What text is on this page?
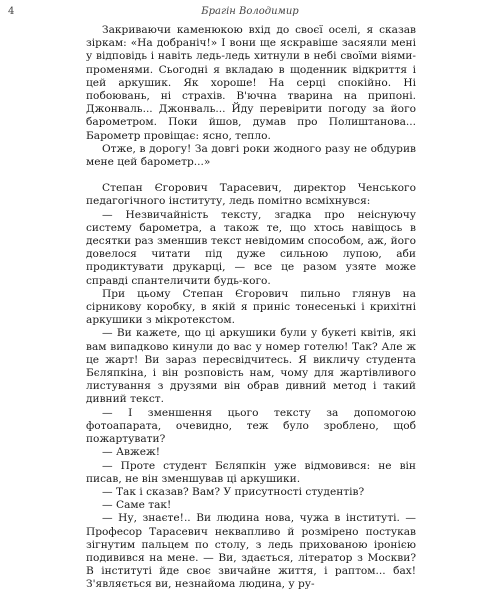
4	Брагін Володимир

Закриваючи каменюкою вхід до своєї оселі, я сказав зіркам: «На добраніч!» І вони ще яскравіше засяяли мені у відповідь і навіть ледь-ледь хитнули в небі своїми віями-променями. Сьогодні я вкладаю в щоденник відкриття і цей аркушик. Як хороше! На серці спокійно. Ні побоювань, ні страхів. В'ючна тварина на припоні. Джонваль... Джонваль... Йду перевірити погоду за його барометром. Поки йшов, думав про Полиштанова... Барометр провіщає: ясно, тепло.

Отже, в дорогу! За довгі роки жодного разу не обдурив мене цей барометр...»

Степан Єгорович Тарасевич, директор Ченського педагогічного інституту, ледь помітно всміхнувся:

— Незвичайність тексту, згадка про неіснуючу систему барометра, а також те, що хтось навіщось в десятки раз зменшив текст невідомим способом, аж, його довелося читати під дуже сильною лупою, аби продиктувати друкарці, — все це разом узяте може справді спантеличити будь-кого.

При цьому Степан Єгорович пильно глянув на сірникову коробку, в якій я приніс тонесенькі і крихітні аркушики з мікротекстом.

— Ви кажете, що ці аркушики були у букеті квітів, які вам випадково кинули до вас у номер готелю! Так? Але ж це жарт! Ви зараз пересвідчитесь. Я викличу студента Бєляпкіна, і він розповість нам, чому для жартівливого листування з друзями він обрав дивний метод і такий дивний текст.

— І зменшення цього тексту за допомогою фотоапарата, очевидно, теж було зроблено, щоб пожартувати?

— Авжеж!

— Проте студент Бєляпкін уже відмовився: не він писав, не він зменшував ці аркушики.

— Так і сказав? Вам? У присутності студентів?

— Саме так!

— Ну, знаєте!.. Ви людина нова, чужа в інституті. — Професор Тарасевич неквапливо й розмірено постукав зігнутим пальцем по столу, з ледь прихованою іронією подивився на мене. — Ви, здається, літератор з Москви? В інституті йде своє звичайне життя, і раптом... бах! З'являється ви, незнайома людина, у ру-
